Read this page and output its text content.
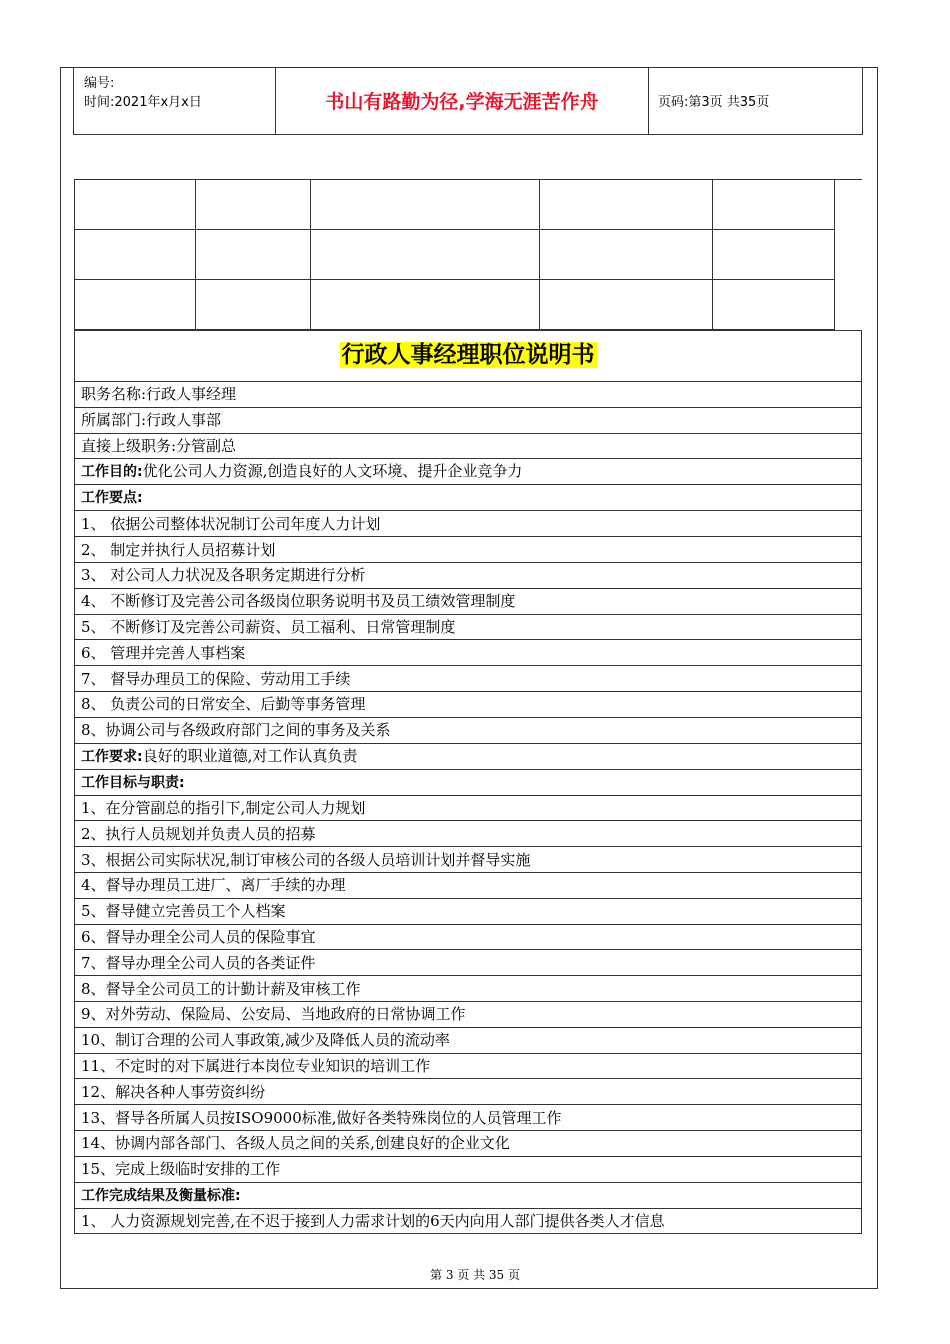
编号:
时间:2021年x月x日	书山有路勤为径,学海无涯苦作舟	页码:第3页 共35页

行政人事经理职位说明书
职务名称:行政人事经理
所属部门:行政人事部
直接上级职务:分管副总
工作目的:优化公司人力资源,创造良好的人文环境、提升企业竞争力
工作要点:
1、 依据公司整体状况制订公司年度人力计划
2、 制定并执行人员招募计划
3、 对公司人力状况及各职务定期进行分析
4、 不断修订及完善公司各级岗位职务说明书及员工绩效管理制度
5、 不断修订及完善公司薪资、员工福利、日常管理制度
6、 管理并完善人事档案
7、 督导办理员工的保险、劳动用工手续
8、 负责公司的日常安全、后勤等事务管理
8、协调公司与各级政府部门之间的事务及关系
工作要求:良好的职业道德,对工作认真负责
工作目标与职责:
1、在分管副总的指引下,制定公司人力规划
2、执行人员规划并负责人员的招募
3、根据公司实际状况,制订审核公司的各级人员培训计划并督导实施
4、督导办理员工进厂、离厂手续的办理
5、督导健立完善员工个人档案
6、督导办理全公司人员的保险事宜
7、督导办理全公司人员的各类证件
8、督导全公司员工的计勤计薪及审核工作
9、对外劳动、保险局、公安局、当地政府的日常协调工作
10、制订合理的公司人事政策,减少及降低人员的流动率
11、不定时的对下属进行本岗位专业知识的培训工作
12、解决各种人事劳资纠纷
13、督导各所属人员按ISO9000标准,做好各类特殊岗位的人员管理工作
14、协调内部各部门、各级人员之间的关系,创建良好的企业文化
15、完成上级临时安排的工作
工作完成结果及衡量标准:
1、 人力资源规划完善,在不迟于接到人力需求计划的6天内向用人部门提供各类人才信息
第 3 页 共 35 页
